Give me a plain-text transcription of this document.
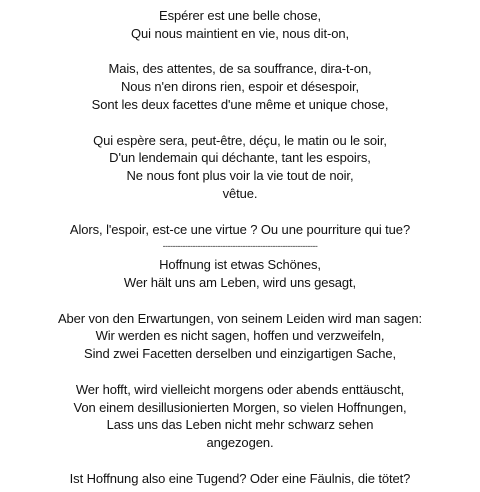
Espérer est une belle chose,
Qui nous maintient en vie, nous dit-on,
Mais, des attentes, de sa souffrance, dira-t-on,
Nous n'en dirons rien, espoir et désespoir,
Sont les deux facettes d'une même et unique chose,
Qui espère sera, peut-être, déçu, le matin ou le soir,
D'un lendemain qui déchante, tant les espoirs,
Ne nous font plus voir la vie tout de noir,
vêtue.
Alors, l'espoir, est-ce une virtue ? Ou une pourriture qui tue?
--------------------------------------------------------------
Hoffnung ist etwas Schönes,
Wer hält uns am Leben, wird uns gesagt,
Aber von den Erwartungen, von seinem Leiden wird man sagen:
Wir werden es nicht sagen, hoffen und verzweifeln,
Sind zwei Facetten derselben und einzigartigen Sache,
Wer hofft, wird vielleicht morgens oder abends enttäuscht,
Von einem desillusionierten Morgen, so vielen Hoffnungen,
Lass uns das Leben nicht mehr schwarz sehen
angezogen.
Ist Hoffnung also eine Tugend? Oder eine Fäulnis, die tötet?
